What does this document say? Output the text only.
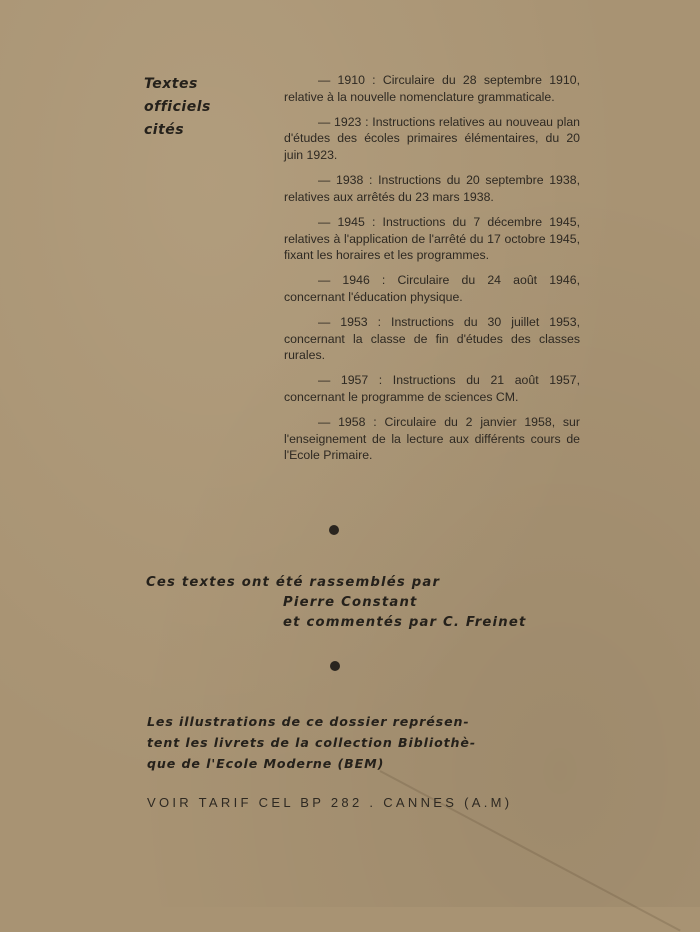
Textes
officiels
cités

— 1910 : Circulaire du 28 septembre 1910, relative à la nouvelle nomenclature grammaticale.

— 1923 : Instructions relatives au nouveau plan d'études des écoles primaires élémentaires, du 20 juin 1923.

— 1938 : Instructions du 20 septembre 1938, relatives aux arrêtés du 23 mars 1938.

— 1945 : Instructions du 7 décembre 1945, relatives à l'application de l'arrêté du 17 octobre 1945, fixant les horaires et les programmes.

— 1946 : Circulaire du 24 août 1946, concernant l'éducation physique.

— 1953 : Instructions du 30 juillet 1953, concernant la classe de fin d'études des classes rurales.

— 1957 : Instructions du 21 août 1957, concernant le programme de sciences CM.

— 1958 : Circulaire du 2 janvier 1958, sur l'enseignement de la lecture aux différents cours de l'Ecole Primaire.

Ces textes ont été rassemblés par
Pierre Constant
et commentés par C. Freinet
Les illustrations de ce dossier représen-
tent les livrets de la collection Bibliothè-
que de l'Ecole Moderne (BEM)
VOIR TARIF CEL BP 282 . CANNES (A.M)
